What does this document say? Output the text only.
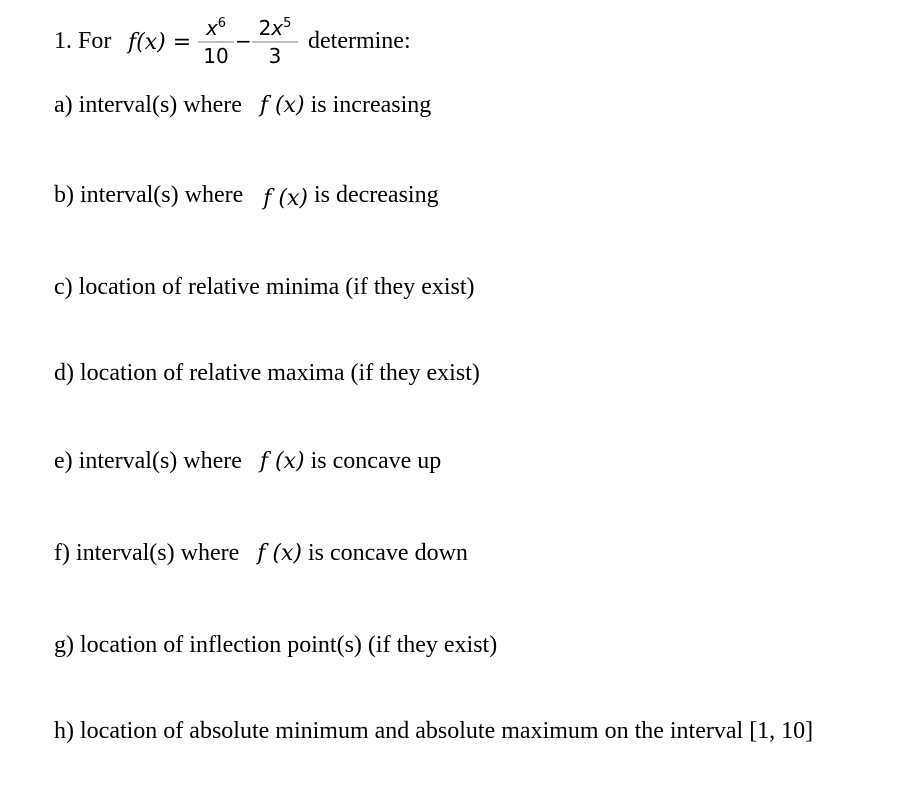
1. For f(x) =
$x^6$
10
−
$2x^5$
3
determine:
a) interval(s) where f (x) is increasing
b) interval(s) where f (x) is decreasing
c) location of relative minima (if they exist)
d) location of relative maxima (if they exist)
e) interval(s) where f (x) is concave up
f) interval(s) where f (x) is concave down
g) location of inflection point(s) (if they exist)
h) location of absolute minimum and absolute maximum on the interval [1, 10]
